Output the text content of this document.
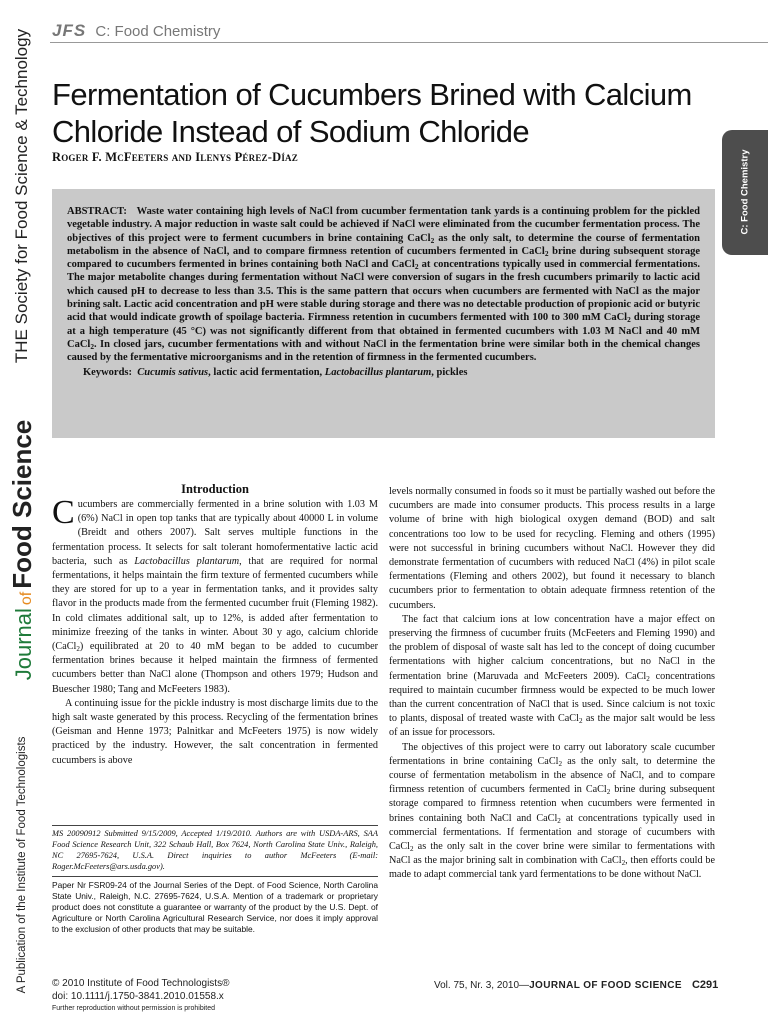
JFS C: Food Chemistry
THE Society for Food Science & Technology
JournalofFood Science
A Publication of the Institute of Food Technologists
C: Food Chemistry
Fermentation of Cucumbers Brined with Calcium Chloride Instead of Sodium Chloride
Roger F. McFeeters and Ilenys Pérez-Díaz

ABSTRACT: Waste water containing high levels of NaCl from cucumber fermentation tank yards is a continuing problem for the pickled vegetable industry. A major reduction in waste salt could be achieved if NaCl were eliminated from the cucumber fermentation process. The objectives of this project were to ferment cucumbers in brine containing CaCl$_2$ as the only salt, to determine the course of fermentation metabolism in the absence of NaCl, and to compare firmness retention of cucumbers fermented in CaCl$_2$ brine during subsequent storage compared to cucumbers fermented in brines containing both NaCl and CaCl$_2$ at concentrations typically used in commercial fermentations. The major metabolite changes during fermentation without NaCl were conversion of sugars in the fresh cucumbers primarily to lactic acid which caused pH to decrease to less than 3.5. This is the same pattern that occurs when cucumbers are fermented with NaCl as the major brining salt. Lactic acid concentration and pH were stable during storage and there was no detectable production of propionic acid or butyric acid that would indicate growth of spoilage bacteria. Firmness retention in cucumbers fermented with 100 to 300 mM CaCl$_2$ during storage at a high temperature (45 °C) was not significantly different from that obtained in fermented cucumbers with 1.03 M NaCl and 40 mM CaCl$_2$. In closed jars, cucumber fermentations with and without NaCl in the fermentation brine were similar both in the chemical changes caused by the fermentative microorganisms and in the retention of firmness in the fermented cucumbers.

Keywords: Cucumis sativus, lactic acid fermentation, Lactobacillus plantarum, pickles
Introduction

Cucumbers are commercially fermented in a brine solution with 1.03 M (6%) NaCl in open top tanks that are typically about 40000 L in volume (Breidt and others 2007). Salt serves multiple functions in the fermentation process. It selects for salt tolerant homofermentative lactic acid bacteria, such as Lactobacillus plantarum, that are required for normal fermentations, it helps maintain the firm texture of fermented cucumbers while they are stored for up to a year in fermentation tanks, and it provides salty flavor in the products made from the fermented cucumber fruit (Fleming 1982). In cold climates additional salt, up to 12%, is added after fermentation to minimize freezing of the tanks in winter. About 30 y ago, calcium chloride (CaCl$_2$) equilibrated at 20 to 40 mM began to be added to cucumber fermentation brines because it helped maintain the firmness of fermented cucumbers better than NaCl alone (Thompson and others 1979; Hudson and Buescher 1980; Tang and McFeeters 1983).

A continuing issue for the pickle industry is most discharge limits due to the high salt waste generated by this process. Recycling of the fermentation brines (Geisman and Henne 1973; Palnitkar and McFeeters 1975) is now widely practiced by the industry. However, the salt concentration in fermented cucumbers is above

MS 20090912 Submitted 9/15/2009, Accepted 1/19/2010. Authors are with USDA-ARS, SAA Food Science Research Unit, 322 Schaub Hall, Box 7624, North Carolina State Univ., Raleigh, NC 27695-7624, U.S.A. Direct inquiries to author McFeeters (E-mail: Roger.McFeeters@ars.usda.gov).
Paper Nr FSR09-24 of the Journal Series of the Dept. of Food Science, North Carolina State Univ., Raleigh, N.C. 27695-7624, U.S.A. Mention of a trademark or proprietary product does not constitute a guarantee or warranty of the product by the U.S. Dept. of Agriculture or North Carolina Agricultural Research Service, nor does it imply approval to the exclusion of other products that may be suitable.

levels normally consumed in foods so it must be partially washed out before the cucumbers are made into consumer products. This process results in a large volume of brine with high biological oxygen demand (BOD) and salt concentrations too low to be used for recycling. Fleming and others (1995) were not successful in brining cucumbers without NaCl. However they did demonstrate fermentation of cucumbers with reduced NaCl (4%) in pilot scale fermentations (Fleming and others 2002), but found it necessary to blanch cucumbers prior to fermentation to obtain adequate firmness retention of the cucumbers.

The fact that calcium ions at low concentration have a major effect on preserving the firmness of cucumber fruits (McFeeters and Fleming 1990) and the problem of disposal of waste salt has led to the concept of doing cucumber fermentations with higher calcium concentrations, but no NaCl in the fermentation brine (Maruvada and McFeeters 2009). CaCl$_2$ concentrations required to maintain cucumber firmness would be expected to be much lower than the current concentration of NaCl that is used. Since calcium is not toxic to plants, disposal of treated waste with CaCl$_2$ as the major salt would be less of an issue for processors.

The objectives of this project were to carry out laboratory scale cucumber fermentations in brine containing CaCl$_2$ as the only salt, to determine the course of fermentation metabolism in the absence of NaCl, and to compare firmness retention of cucumbers fermented in CaCl$_2$ brine during subsequent storage compared to firmness retention when cucumbers were fermented in brines containing both NaCl and CaCl$_2$ at concentrations typically used in commercial fermentations. If fermentation and storage of cucumbers with CaCl$_2$ as the only salt in the cover brine were similar to fermentations with NaCl as the major brining salt in combination with CaCl$_2$, then efforts could be made to adapt commercial tank yard fermentations to be done without NaCl.

© 2010 Institute of Food Technologists®
doi: 10.1111/j.1750-3841.2010.01558.x
Further reproduction without permission is prohibited
Vol. 75, Nr. 3, 2010—JOURNAL OF FOOD SCIENCE C291
